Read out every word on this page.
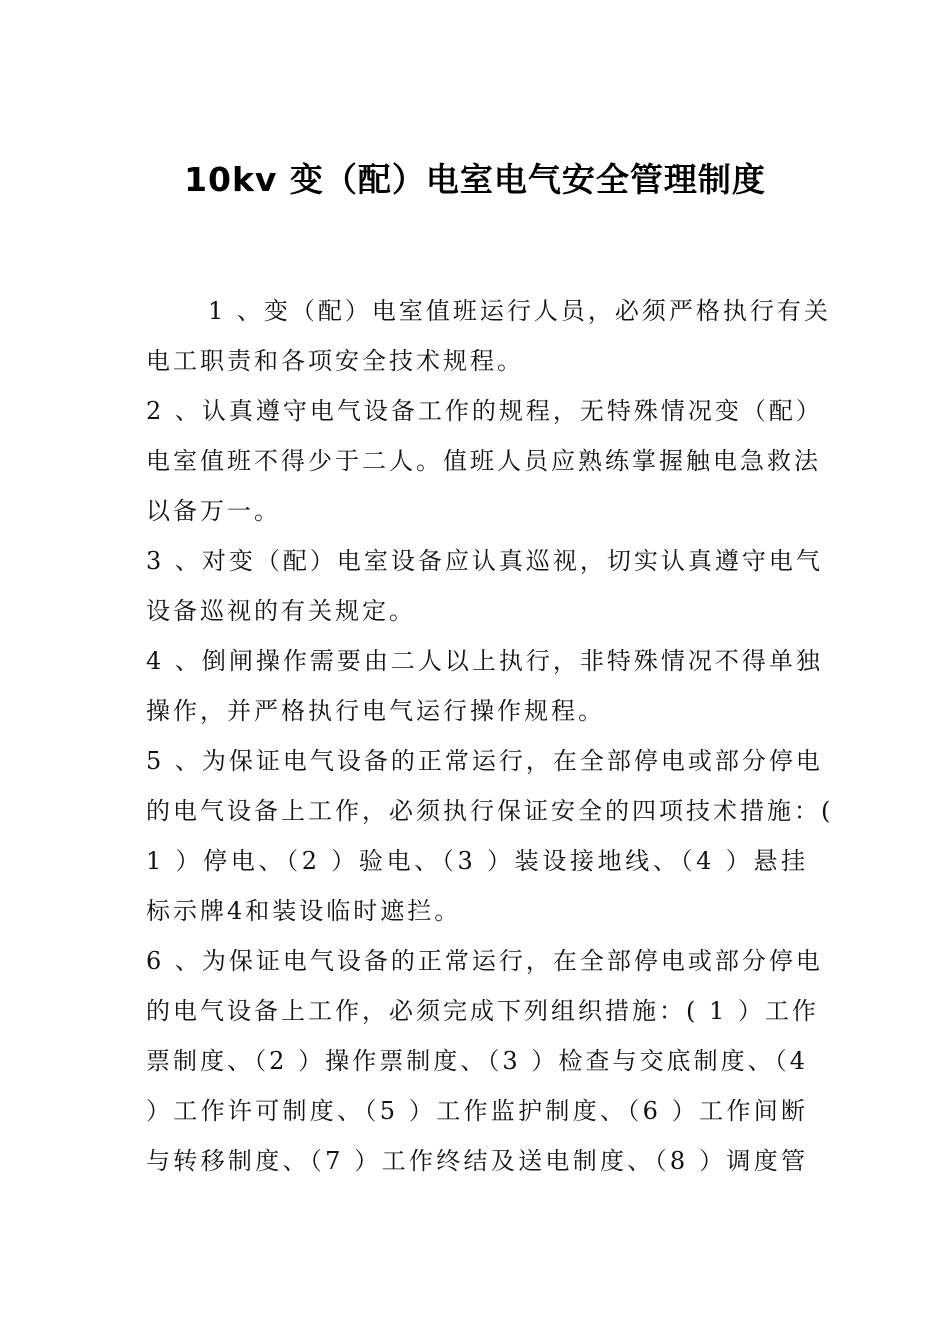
10kv 变（配）电室电气安全管理制度
1 、变（配）电室值班运行人员，必须严格执行有关
电工职责和各项安全技术规程。
2 、认真遵守电气设备工作的规程，无特殊情况变（配）
电室值班不得少于二人。值班人员应熟练掌握触电急救法
以备万一。
3 、对变（配）电室设备应认真巡视，切实认真遵守电气
设备巡视的有关规定。
4 、倒闸操作需要由二人以上执行，非特殊情况不得单独
操作，并严格执行电气运行操作规程。
5 、为保证电气设备的正常运行，在全部停电或部分停电
的电气设备上工作，必须执行保证安全的四项技术措施：(
1 ）停电、（2 ）验电、（3 ）装设接地线、（4 ）悬挂
标示牌4和装设临时遮拦。
6 、为保证电气设备的正常运行，在全部停电或部分停电
的电气设备上工作，必须完成下列组织措施：( 1 ）工作
票制度、（2 ）操作票制度、（3 ）检查与交底制度、（4
）工作许可制度、（5 ）工作监护制度、（6 ）工作间断
与转移制度、（7 ）工作终结及送电制度、（8 ）调度管
